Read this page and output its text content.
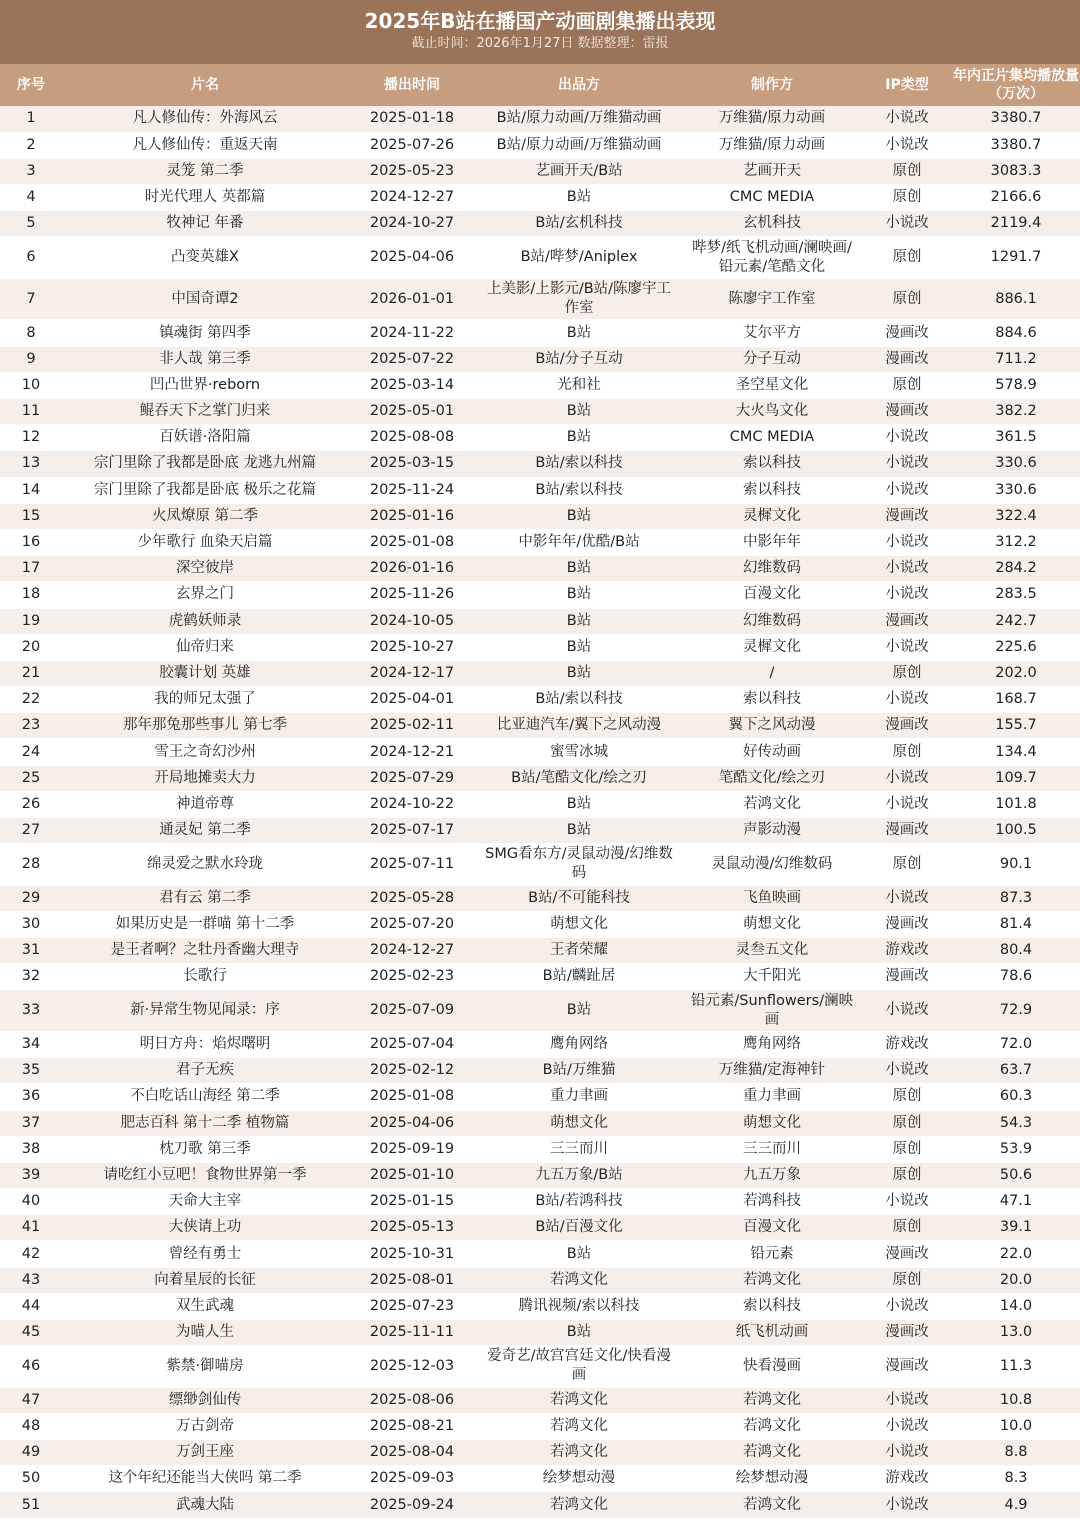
2025年B站在播国产动画剧集播出表现
截止时间：2026年1月27日 数据整理：雷报
序号	片名	播出时间	出品方	制作方	IP类型	年内正片集均播放量（万次）
1	凡人修仙传：外海风云	2025-01-18	B站/原力动画/万维猫动画	万维猫/原力动画	小说改	3380.7
2	凡人修仙传：重返天南	2025-07-26	B站/原力动画/万维猫动画	万维猫/原力动画	小说改	3380.7
3	灵笼 第二季	2025-05-23	艺画开天/B站	艺画开天	原创	3083.3
4	时光代理人 英都篇	2024-12-27	B站	CMC MEDIA	原创	2166.6
5	牧神记 年番	2024-10-27	B站/玄机科技	玄机科技	小说改	2119.4
6	凸变英雄X	2025-04-06	B站/哔梦/Aniplex	哔梦/纸飞机动画/澜映画/铅元素/笔酷文化	原创	1291.7
7	中国奇谭2	2026-01-01	上美影/上影元/B站/陈廖宇工作室	陈廖宇工作室	原创	886.1
8	镇魂街 第四季	2024-11-22	B站	艾尔平方	漫画改	884.6
9	非人哉 第三季	2025-07-22	B站/分子互动	分子互动	漫画改	711.2
10	凹凸世界·reborn	2025-03-14	光和社	圣空星文化	原创	578.9
11	鲲吞天下之掌门归来	2025-05-01	B站	大火鸟文化	漫画改	382.2
12	百妖谱·洛阳篇	2025-08-08	B站	CMC MEDIA	小说改	361.5
13	宗门里除了我都是卧底 龙逃九州篇	2025-03-15	B站/索以科技	索以科技	小说改	330.6
14	宗门里除了我都是卧底 极乐之花篇	2025-11-24	B站/索以科技	索以科技	小说改	330.6
15	火凤燎原 第二季	2025-01-16	B站	灵樨文化	漫画改	322.4
16	少年歌行 血染天启篇	2025-01-08	中影年年/优酷/B站	中影年年	小说改	312.2
17	深空彼岸	2026-01-16	B站	幻维数码	小说改	284.2
18	玄界之门	2025-11-26	B站	百漫文化	小说改	283.5
19	虎鹤妖师录	2024-10-05	B站	幻维数码	漫画改	242.7
20	仙帝归来	2025-10-27	B站	灵樨文化	小说改	225.6
21	胶囊计划 英雄	2024-12-17	B站	/	原创	202.0
22	我的师兄太强了	2025-04-01	B站/索以科技	索以科技	小说改	168.7
23	那年那兔那些事儿 第七季	2025-02-11	比亚迪汽车/翼下之风动漫	翼下之风动漫	漫画改	155.7
24	雪王之奇幻沙州	2024-12-21	蜜雪冰城	好传动画	原创	134.4
25	开局地摊卖大力	2025-07-29	B站/笔酷文化/绘之刃	笔酷文化/绘之刃	小说改	109.7
26	神道帝尊	2024-10-22	B站	若鸿文化	小说改	101.8
27	通灵妃 第二季	2025-07-17	B站	声影动漫	漫画改	100.5
28	绵灵爱之默水玲珑	2025-07-11	SMG看东方/灵鼠动漫/幻维数码	灵鼠动漫/幻维数码	原创	90.1
29	君有云 第二季	2025-05-28	B站/不可能科技	飞鱼映画	小说改	87.3
30	如果历史是一群喵 第十二季	2025-07-20	萌想文化	萌想文化	漫画改	81.4
31	是王者啊？之牡丹香幽大理寺	2024-12-27	王者荣耀	灵叁五文化	游戏改	80.4
32	长歌行	2025-02-23	B站/麟趾居	大千阳光	漫画改	78.6
33	新·异常生物见闻录：序	2025-07-09	B站	铅元素/Sunflowers/澜映画	小说改	72.9
34	明日方舟：焰烬曙明	2025-07-04	鹰角网络	鹰角网络	游戏改	72.0
35	君子无疾	2025-02-12	B站/万维猫	万维猫/定海神针	小说改	63.7
36	不白吃话山海经 第二季	2025-01-08	重力聿画	重力聿画	原创	60.3
37	肥志百科 第十二季 植物篇	2025-04-06	萌想文化	萌想文化	原创	54.3
38	枕刀歌 第三季	2025-09-19	三三而川	三三而川	原创	53.9
39	请吃红小豆吧！食物世界第一季	2025-01-10	九五万象/B站	九五万象	原创	50.6
40	天命大主宰	2025-01-15	B站/若鸿科技	若鸿科技	小说改	47.1
41	大侠请上功	2025-05-13	B站/百漫文化	百漫文化	原创	39.1
42	曾经有勇士	2025-10-31	B站	铅元素	漫画改	22.0
43	向着星辰的长征	2025-08-01	若鸿文化	若鸿文化	原创	20.0
44	双生武魂	2025-07-23	腾讯视频/索以科技	索以科技	小说改	14.0
45	为喵人生	2025-11-11	B站	纸飞机动画	漫画改	13.0
46	紫禁·御喵房	2025-12-03	爱奇艺/故宫宫廷文化/快看漫画	快看漫画	漫画改	11.3
47	缥缈剑仙传	2025-08-06	若鸿文化	若鸿文化	小说改	10.8
48	万古剑帝	2025-08-21	若鸿文化	若鸿文化	小说改	10.0
49	万剑王座	2025-08-04	若鸿文化	若鸿文化	小说改	8.8
50	这个年纪还能当大侠吗 第二季	2025-09-03	绘梦想动漫	绘梦想动漫	游戏改	8.3
51	武魂大陆	2025-09-24	若鸿文化	若鸿文化	小说改	4.9
